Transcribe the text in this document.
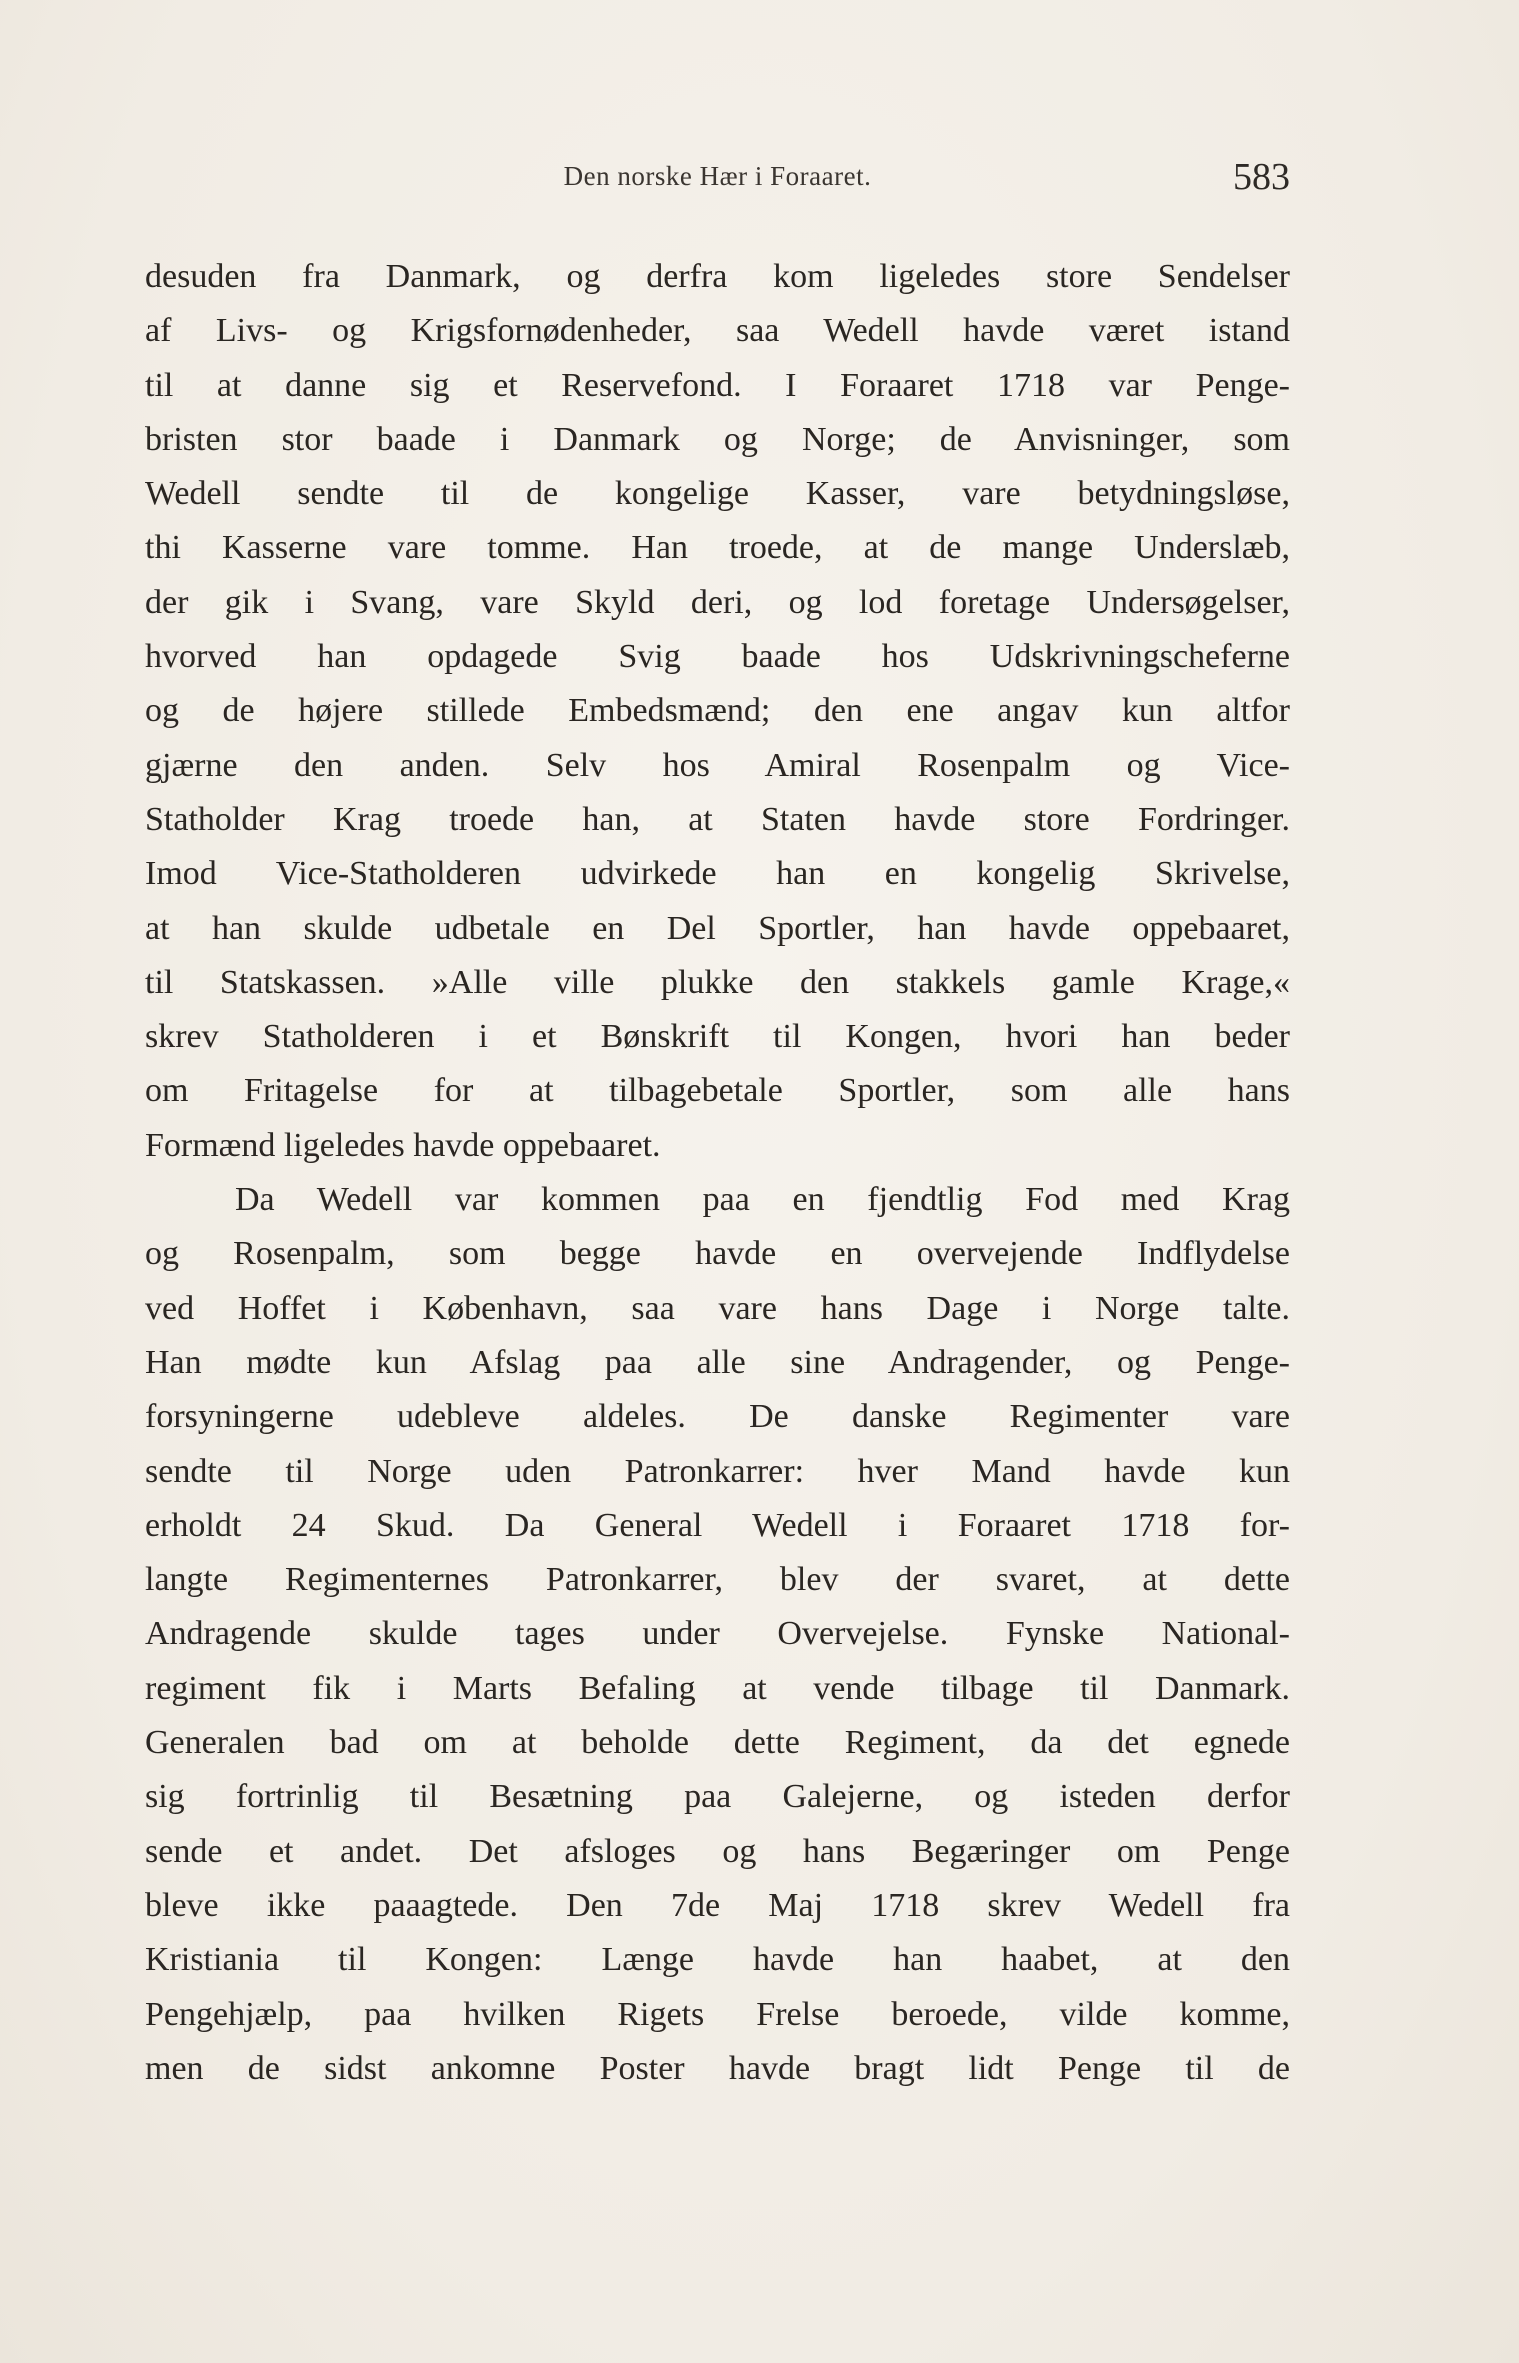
Den norske Hær i Foraaret.	583
desuden fra Danmark, og derfra kom ligeledes store Sendelser
af Livs- og Krigsfornødenheder, saa Wedell havde været istand
til at danne sig et Reservefond. I Foraaret 1718 var Penge-
bristen stor baade i Danmark og Norge; de Anvisninger, som
Wedell sendte til de kongelige Kasser, vare betydningsløse,
thi Kasserne vare tomme. Han troede, at de mange Underslæb,
der gik i Svang, vare Skyld deri, og lod foretage Undersøgelser,
hvorved han opdagede Svig baade hos Udskrivningscheferne
og de højere stillede Embedsmænd; den ene angav kun altfor
gjærne den anden. Selv hos Amiral Rosenpalm og Vice-
Statholder Krag troede han, at Staten havde store Fordringer.
Imod Vice-Statholderen udvirkede han en kongelig Skrivelse,
at han skulde udbetale en Del Sportler, han havde oppebaaret,
til Statskassen. »Alle ville plukke den stakkels gamle Krage,«
skrev Statholderen i et Bønskrift til Kongen, hvori han beder
om Fritagelse for at tilbagebetale Sportler, som alle hans
Formænd ligeledes havde oppebaaret.
Da Wedell var kommen paa en fjendtlig Fod med Krag
og Rosenpalm, som begge havde en overvejende Indflydelse
ved Hoffet i København, saa vare hans Dage i Norge talte.
Han mødte kun Afslag paa alle sine Andragender, og Penge-
forsyningerne udebleve aldeles. De danske Regimenter vare
sendte til Norge uden Patronkarrer: hver Mand havde kun
erholdt 24 Skud. Da General Wedell i Foraaret 1718 for-
langte Regimenternes Patronkarrer, blev der svaret, at dette
Andragende skulde tages under Overvejelse. Fynske National-
regiment fik i Marts Befaling at vende tilbage til Danmark.
Generalen bad om at beholde dette Regiment, da det egnede
sig fortrinlig til Besætning paa Galejerne, og isteden derfor
sende et andet. Det afsloges og hans Begæringer om Penge
bleve ikke paaagtede. Den 7de Maj 1718 skrev Wedell fra
Kristiania til Kongen: Længe havde han haabet, at den
Pengehjælp, paa hvilken Rigets Frelse beroede, vilde komme,
men de sidst ankomne Poster havde bragt lidt Penge til de
